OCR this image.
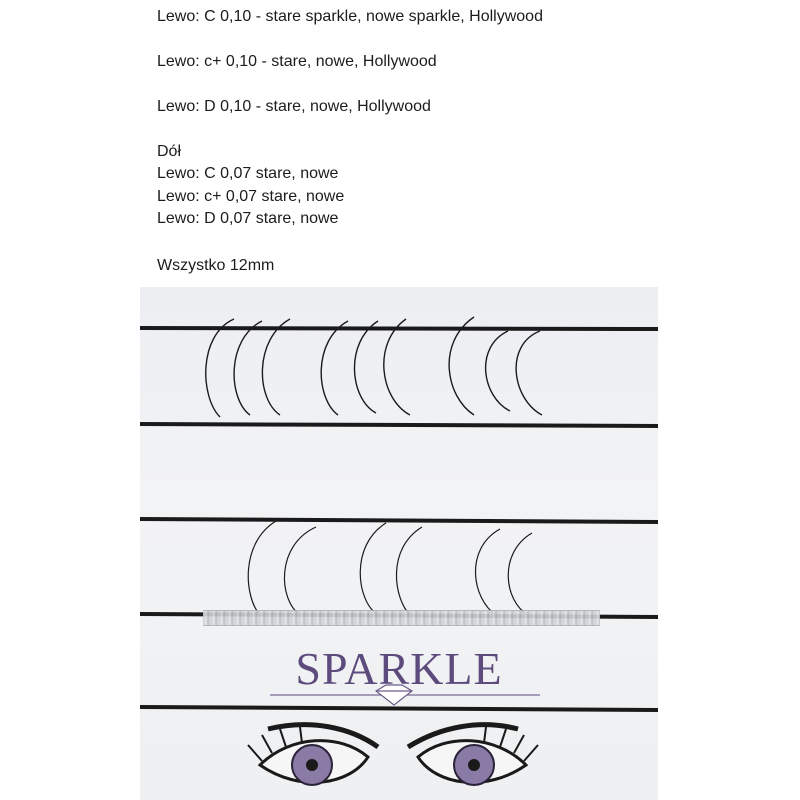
Lewo: C 0,10 - stare sparkle, nowe sparkle, Hollywood
Lewo: c+ 0,10 - stare, nowe, Hollywood
Lewo: D 0,10 - stare, nowe, Hollywood
Dół
Lewo: C 0,07 stare, nowe
Lewo: c+ 0,07 stare, nowe
Lewo: D 0,07 stare, nowe
Wszystko 12mm
SPARKLE
